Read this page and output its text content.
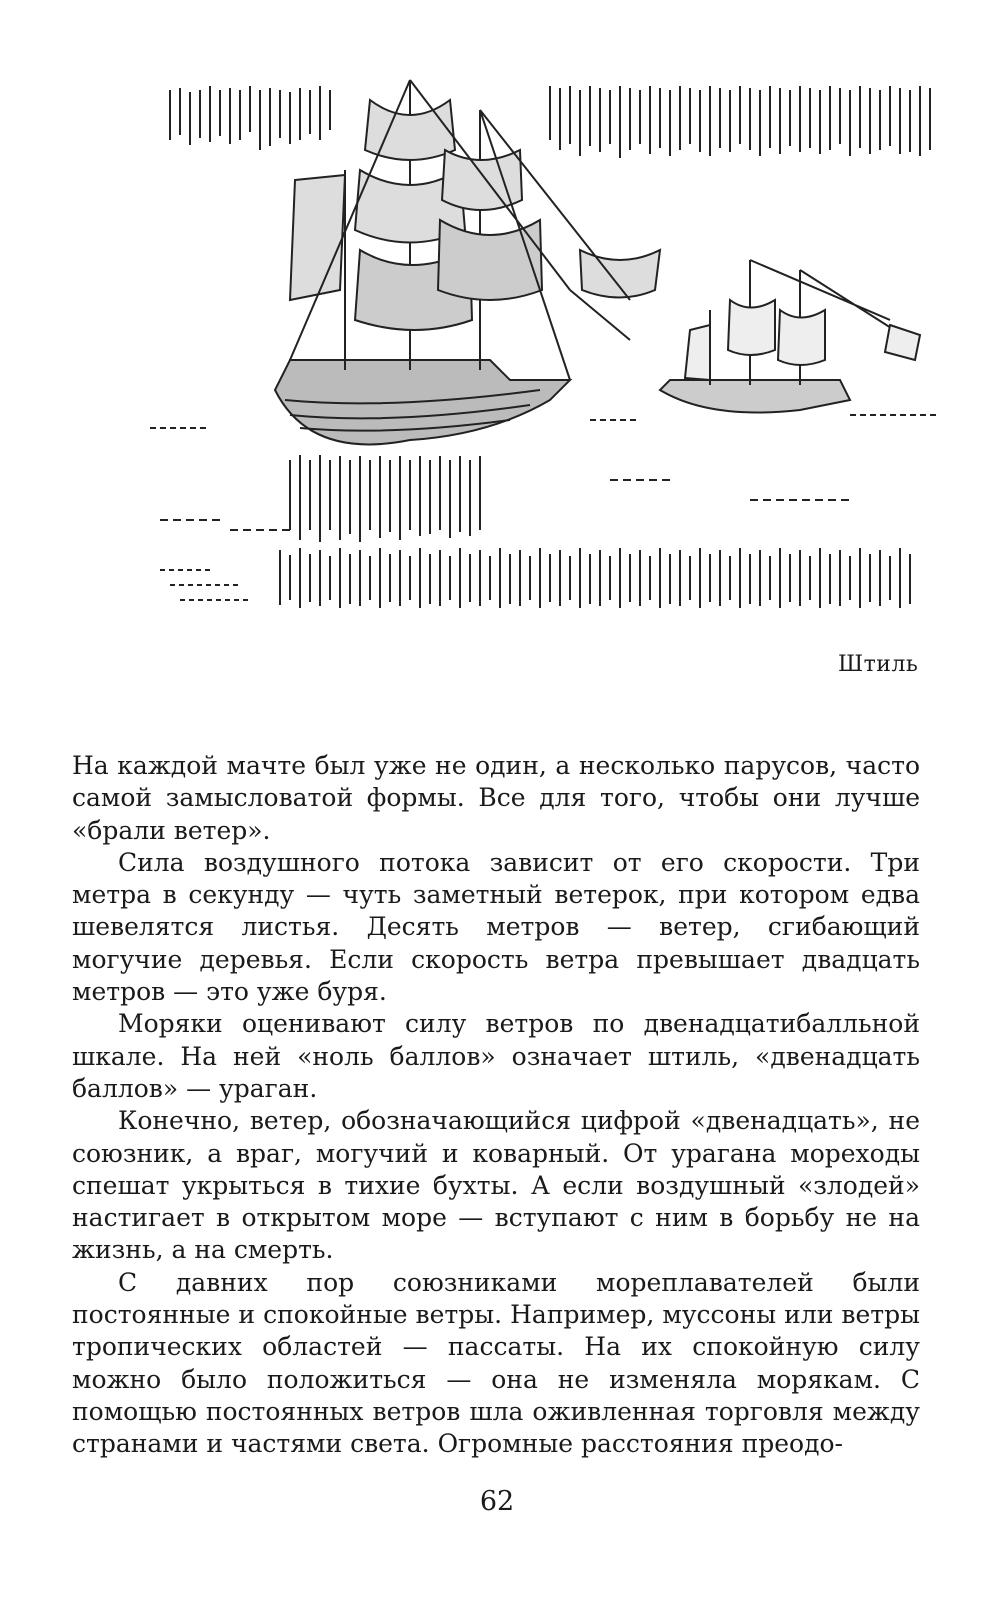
Штиль

На каждой мачте был уже не один, а несколько парусов, часто самой замысловатой формы. Все для того, чтобы они лучше «брали ветер».

Сила воздушного потока зависит от его скорости. Три метра в секунду — чуть заметный ветерок, при котором едва шевелятся листья. Десять метров — ветер, сгибающий могучие деревья. Если скорость ветра превышает двадцать метров — это уже буря.

Моряки оценивают силу ветров по двенадцатибалльной шкале. На ней «ноль баллов» означает штиль, «двенадцать баллов» — ураган.

Конечно, ветер, обозначающийся цифрой «двенадцать», не союзник, а враг, могучий и коварный. От урагана мореходы спешат укрыться в тихие бухты. А если воздушный «злодей» настигает в открытом море — вступают с ним в борьбу не на жизнь, а на смерть.

С давних пор союзниками мореплавателей были постоянные и спокойные ветры. Например, муссоны или ветры тропических областей — пассаты. На их спокойную силу можно было положиться — она не изменяла морякам. С помощью постоянных ветров шла оживленная торговля между странами и частями света. Огромные расстояния преодо-

62
